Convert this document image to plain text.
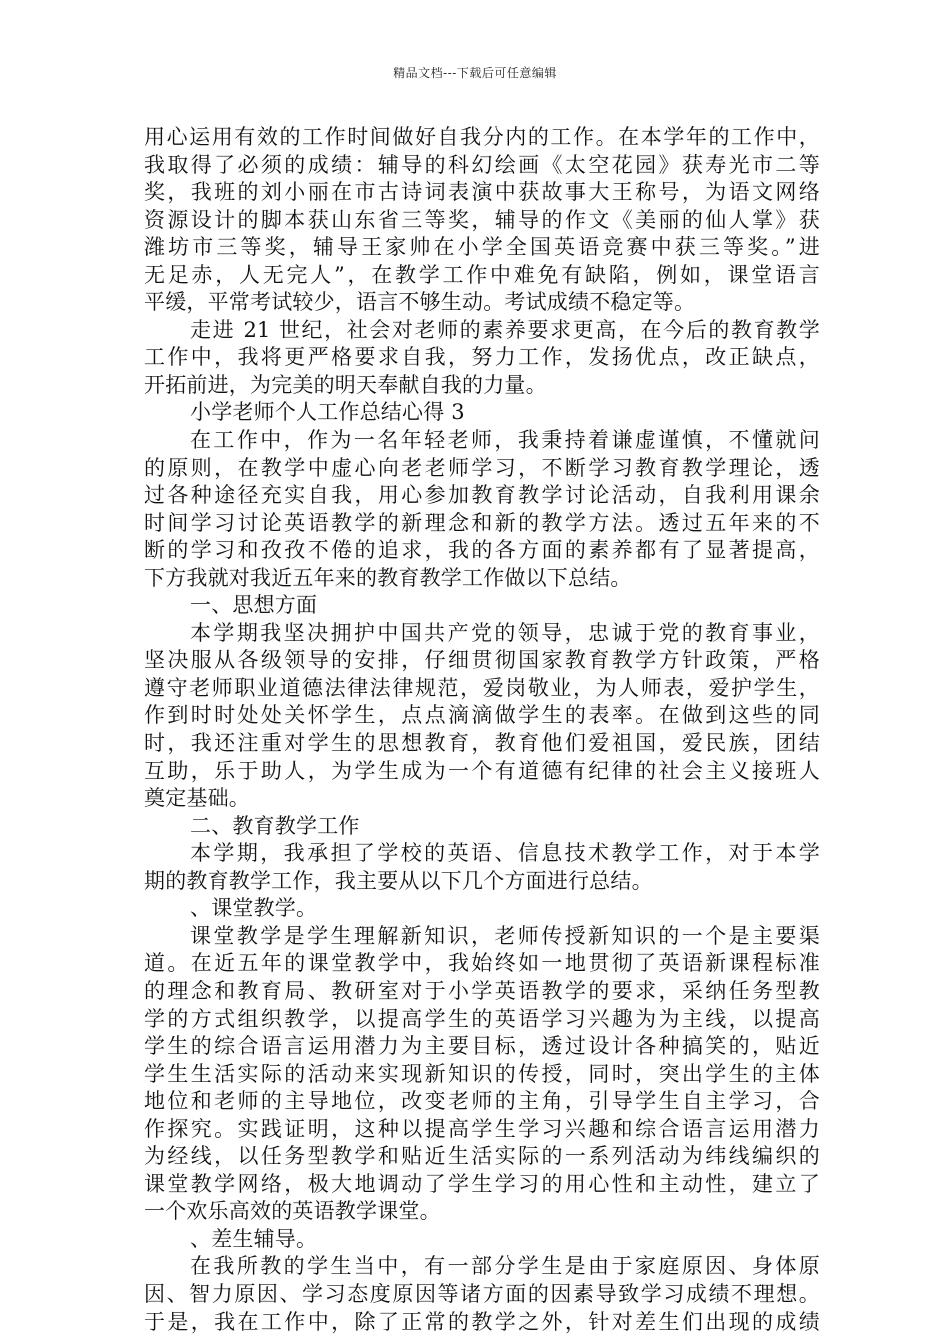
精品文档---下载后可任意编辑
用心运用有效的工作时间做好自我分内的工作。在本学年的工作中，
我取得了必须的成绩：辅导的科幻绘画《太空花园》获寿光市二等
奖，我班的刘小丽在市古诗词表演中获故事大王称号，为语文网络
资源设计的脚本获山东省三等奖，辅导的作文《美丽的仙人掌》获
潍坊市三等奖，辅导王家帅在小学全国英语竞赛中获三等奖。”进
无足赤，人无完人”，在教学工作中难免有缺陷，例如，课堂语言
平缓，平常考试较少，语言不够生动。考试成绩不稳定等。
走进 21 世纪，社会对老师的素养要求更高，在今后的教育教学
工作中，我将更严格要求自我，努力工作，发扬优点，改正缺点，
开拓前进，为完美的明天奉献自我的力量。
小学老师个人工作总结心得 3
在工作中，作为一名年轻老师，我秉持着谦虚谨慎，不懂就问
的原则，在教学中虚心向老老师学习，不断学习教育教学理论，透
过各种途径充实自我，用心参加教育教学讨论活动，自我利用课余
时间学习讨论英语教学的新理念和新的教学方法。透过五年来的不
断的学习和孜孜不倦的追求，我的各方面的素养都有了显著提高，
下方我就对我近五年来的教育教学工作做以下总结。
一、思想方面
本学期我坚决拥护中国共产党的领导，忠诚于党的教育事业，
坚决服从各级领导的安排，仔细贯彻国家教育教学方针政策，严格
遵守老师职业道德法律法律规范，爱岗敬业，为人师表，爱护学生，
作到时时处处关怀学生，点点滴滴做学生的表率。在做到这些的同
时，我还注重对学生的思想教育，教育他们爱祖国，爱民族，团结
互助，乐于助人，为学生成为一个有道德有纪律的社会主义接班人
奠定基础。
二、教育教学工作
本学期，我承担了学校的英语、信息技术教学工作，对于本学
期的教育教学工作，我主要从以下几个方面进行总结。
、课堂教学。
课堂教学是学生理解新知识，老师传授新知识的一个是主要渠
道。在近五年的课堂教学中，我始终如一地贯彻了英语新课程标准
的理念和教育局、教研室对于小学英语教学的要求，采纳任务型教
学的方式组织教学，以提高学生的英语学习兴趣为为主线，以提高
学生的综合语言运用潜力为主要目标，透过设计各种搞笑的，贴近
学生生活实际的活动来实现新知识的传授，同时，突出学生的主体
地位和老师的主导地位，改变老师的主角，引导学生自主学习，合
作探究。实践证明，这种以提高学生学习兴趣和综合语言运用潜力
为经线，以任务型教学和贴近生活实际的一系列活动为纬线编织的
课堂教学网络，极大地调动了学生学习的用心性和主动性，建立了
一个欢乐高效的英语教学课堂。
、差生辅导。
在我所教的学生当中，有一部分学生是由于家庭原因、身体原
因、智力原因、学习态度原因等诸方面的因素导致学习成绩不理想。
于是，我在工作中，除了正常的教学之外，针对差生们出现的成绩
